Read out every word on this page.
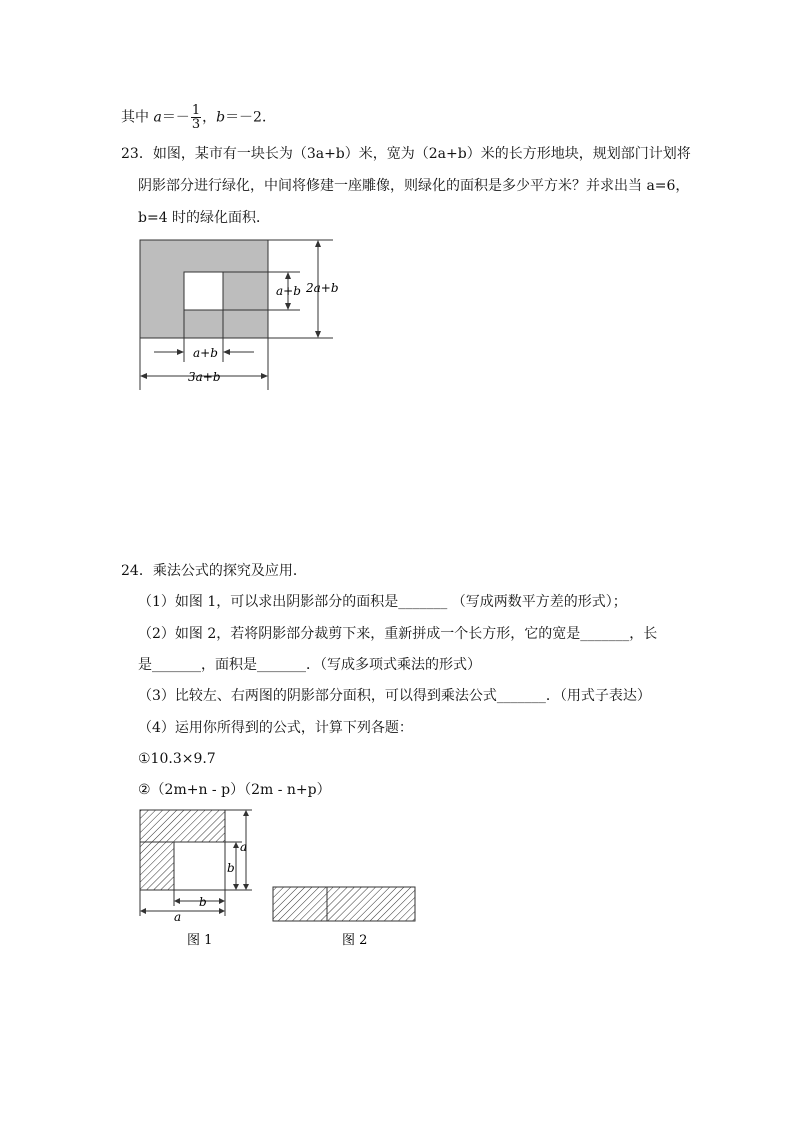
其中 $a=- \frac{1}{3}$ ，b＝－2．
23．如图，某市有一块长为（3a+b）米，宽为（2a+b）米的长方形地块，规划部门计划将
阴影部分进行绿化，中间将修建一座雕像，则绿化的面积是多少平方米？并求出当 a=6，
b=4 时的绿化面积．
a+b 2a+b
a+b
3a+b
24．乘法公式的探究及应用．
（1）如图 1，可以求出阴影部分的面积是_______ （写成两数平方差的形式）；
（2）如图 2，若将阴影部分裁剪下来，重新拼成一个长方形，它的宽是_______，长
是_______，面积是_______．（写成多项式乘法的形式）
（3）比较左、右两图的阴影部分面积，可以得到乘法公式_______．（用式子表达）
（4）运用你所得到的公式，计算下列各题：
①10.3×9.7
②（2m+n - p）（2m - n+p）
a
b
b
a
图 1	图 2
